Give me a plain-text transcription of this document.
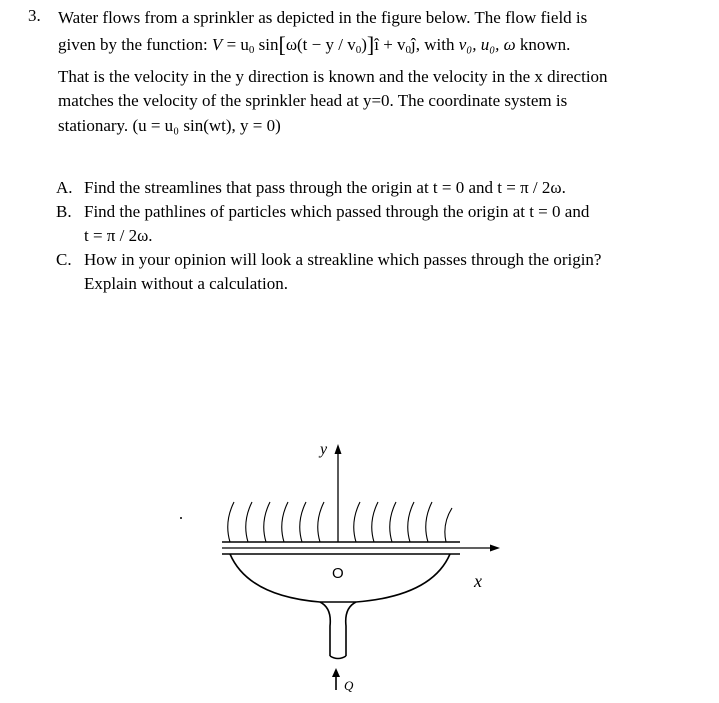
3. Water flows from a sprinkler as depicted in the figure below. The flow field is
given by the function: $V = u_0$ $\sin[\omega(t - y / v_0)]î$ + $v_0ĵ$, with v₀, u₀, ω known.
That is the velocity in the y direction is known and the velocity in the x direction
matches the velocity of the sprinkler head at y=0. The coordinate system is
stationary. (u = u₀ sin(wt), y = 0)
A. Find the streamlines that pass through the origin at t = 0 and t = π / 2ω.
B. Find the pathlines of particles which passed through the origin at t = 0 and
t = π / 2ω.
C. How in your opinion will look a streakline which passes through the origin?
Explain without a calculation.
y
x
O
Q
